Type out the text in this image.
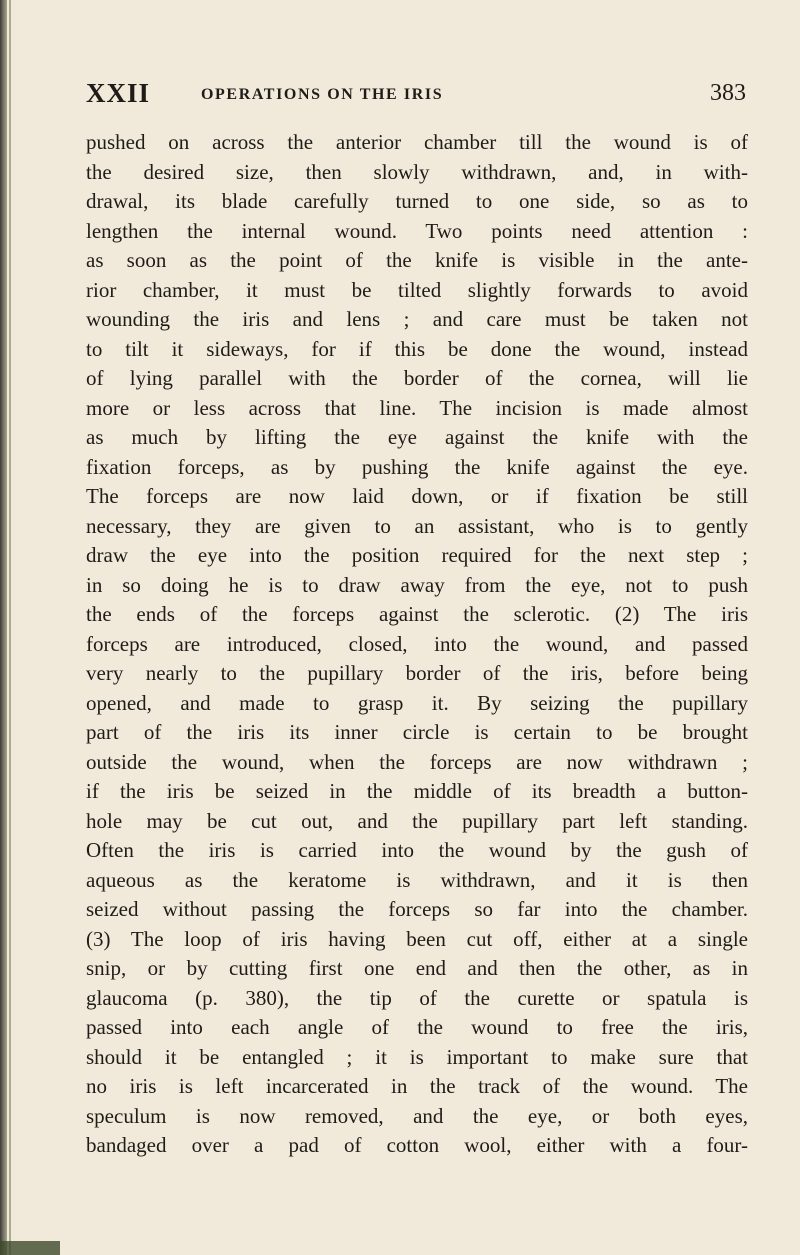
XXII	OPERATIONS ON THE IRIS	383
pushed on across the anterior chamber till the wound is of
the desired size, then slowly withdrawn, and, in with-
drawal, its blade carefully turned to one side, so as to
lengthen the internal wound. Two points need attention :
as soon as the point of the knife is visible in the ante-
rior chamber, it must be tilted slightly forwards to avoid
wounding the iris and lens ; and care must be taken not
to tilt it sideways, for if this be done the wound, instead
of lying parallel with the border of the cornea, will lie
more or less across that line. The incision is made almost
as much by lifting the eye against the knife with the
fixation forceps, as by pushing the knife against the eye.
The forceps are now laid down, or if fixation be still
necessary, they are given to an assistant, who is to gently
draw the eye into the position required for the next step ;
in so doing he is to draw away from the eye, not to push
the ends of the forceps against the sclerotic. (2) The iris
forceps are introduced, closed, into the wound, and passed
very nearly to the pupillary border of the iris, before being
opened, and made to grasp it. By seizing the pupillary
part of the iris its inner circle is certain to be brought
outside the wound, when the forceps are now withdrawn ;
if the iris be seized in the middle of its breadth a button-
hole may be cut out, and the pupillary part left standing.
Often the iris is carried into the wound by the gush of
aqueous as the keratome is withdrawn, and it is then
seized without passing the forceps so far into the chamber.
(3) The loop of iris having been cut off, either at a single
snip, or by cutting first one end and then the other, as in
glaucoma (p. 380), the tip of the curette or spatula is
passed into each angle of the wound to free the iris,
should it be entangled ; it is important to make sure that
no iris is left incarcerated in the track of the wound. The
speculum is now removed, and the eye, or both eyes,
bandaged over a pad of cotton wool, either with a four-
